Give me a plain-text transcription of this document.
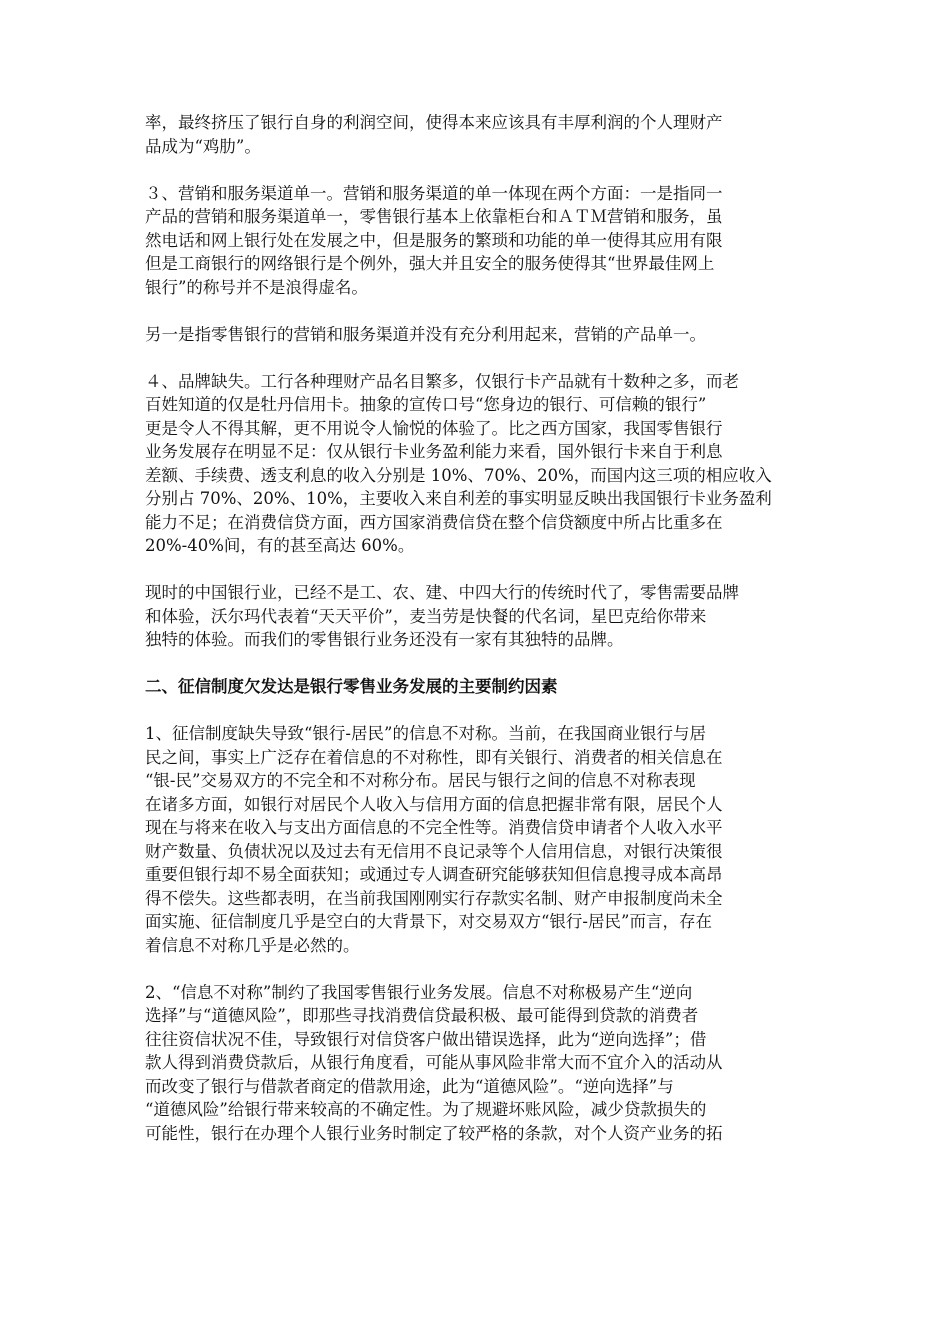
率，最终挤压了银行自身的利润空间，使得本来应该具有丰厚利润的个人理财产
品成为“鸡肋”。
３、营销和服务渠道单一。营销和服务渠道的单一体现在两个方面：一是指同一
产品的营销和服务渠道单一，零售银行基本上依靠柜台和ＡＴＭ营销和服务，虽
然电话和网上银行处在发展之中，但是服务的繁琐和功能的单一使得其应用有限
但是工商银行的网络银行是个例外，强大并且安全的服务使得其“世界最佳网上
银行”的称号并不是浪得虚名。
另一是指零售银行的营销和服务渠道并没有充分利用起来，营销的产品单一。
４、品牌缺失。工行各种理财产品名目繁多，仅银行卡产品就有十数种之多，而老
百姓知道的仅是牡丹信用卡。抽象的宣传口号“您身边的银行、可信赖的银行”
更是令人不得其解，更不用说令人愉悦的体验了。比之西方国家，我国零售银行
业务发展存在明显不足：仅从银行卡业务盈利能力来看，国外银行卡来自于利息
差额、手续费、透支利息的收入分别是 10%、70%、20%，而国内这三项的相应收入
分别占 70%、20%、10%，主要收入来自利差的事实明显反映出我国银行卡业务盈利
能力不足；在消费信贷方面，西方国家消费信贷在整个信贷额度中所占比重多在
20%-40%间，有的甚至高达 60%。
现时的中国银行业，已经不是工、农、建、中四大行的传统时代了，零售需要品牌
和体验，沃尔玛代表着“天天平价”，麦当劳是快餐的代名词，星巴克给你带来
独特的体验。而我们的零售银行业务还没有一家有其独特的品牌。
二、征信制度欠发达是银行零售业务发展的主要制约因素
1、征信制度缺失导致“银行-居民”的信息不对称。当前，在我国商业银行与居
民之间，事实上广泛存在着信息的不对称性，即有关银行、消费者的相关信息在
“银-民”交易双方的不完全和不对称分布。居民与银行之间的信息不对称表现
在诸多方面，如银行对居民个人收入与信用方面的信息把握非常有限，居民个人
现在与将来在收入与支出方面信息的不完全性等。消费信贷申请者个人收入水平
财产数量、负债状况以及过去有无信用不良记录等个人信用信息，对银行决策很
重要但银行却不易全面获知；或通过专人调查研究能够获知但信息搜寻成本高昂
得不偿失。这些都表明，在当前我国刚刚实行存款实名制、财产申报制度尚未全
面实施、征信制度几乎是空白的大背景下，对交易双方“银行-居民”而言，存在
着信息不对称几乎是必然的。
2、“信息不对称”制约了我国零售银行业务发展。信息不对称极易产生“逆向
选择”与“道德风险”，即那些寻找消费信贷最积极、最可能得到贷款的消费者
往往资信状况不佳，导致银行对信贷客户做出错误选择，此为“逆向选择”；借
款人得到消费贷款后，从银行角度看，可能从事风险非常大而不宜介入的活动从
而改变了银行与借款者商定的借款用途，此为“道德风险”。“逆向选择”与
“道德风险”给银行带来较高的不确定性。为了规避坏账风险，减少贷款损失的
可能性，银行在办理个人银行业务时制定了较严格的条款，对个人资产业务的拓
